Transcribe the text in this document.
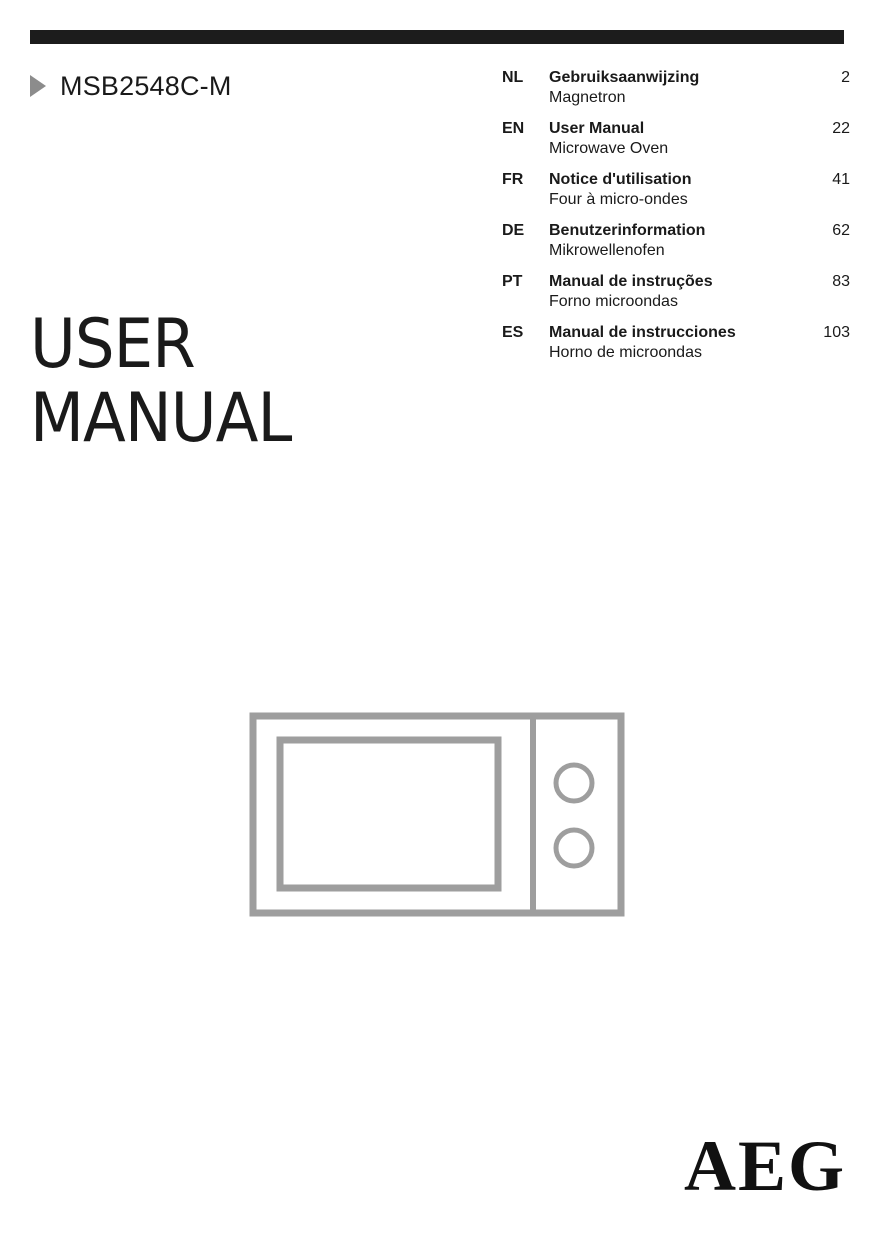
MSB2548C-M
USER
MANUAL
NL Gebruiksaanwijzing
Magnetron
2
EN User Manual
Microwave Oven
22
FR Notice d'utilisation
Four à micro-ondes
41
DE Benutzerinformation
Mikrowellenofen
62
PT Manual de instruções
Forno microondas
83
ES Manual de instrucciones
Horno de microondas
103
AEG
